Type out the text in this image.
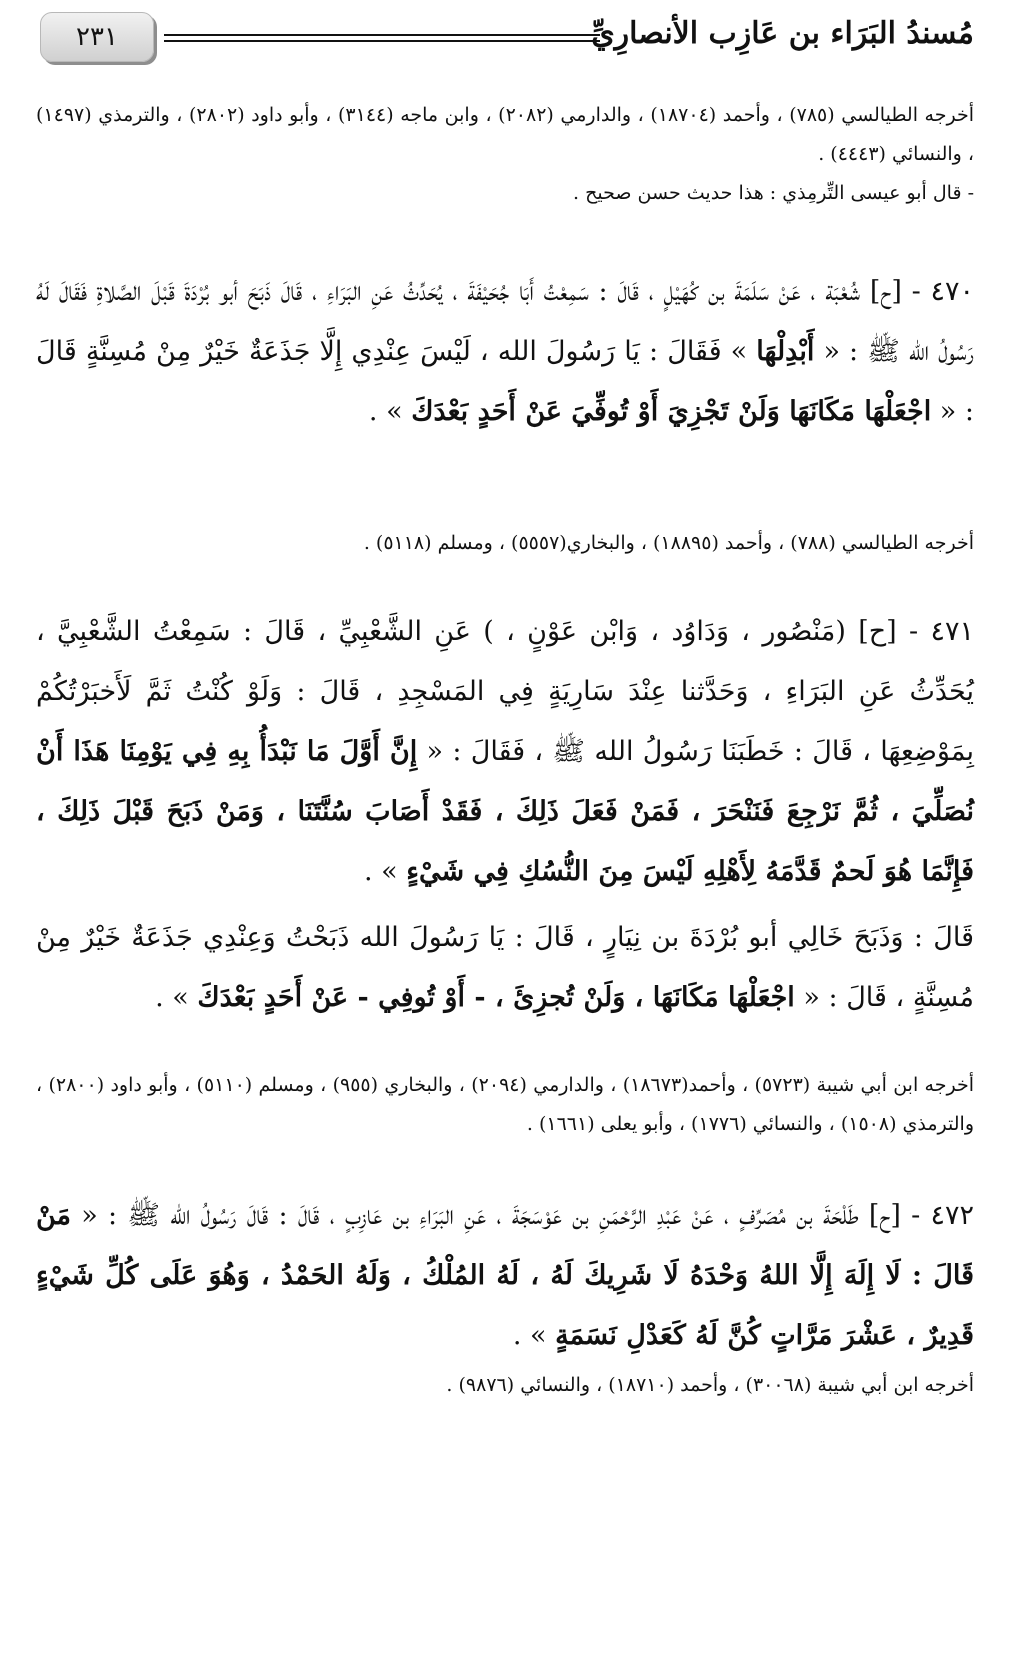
٢٣١	مُسندُ البَرَاء بن عَازِب الأنصارِيِّ

أخرجه الطيالسي (٧٨٥) ، وأحمد (١٨٧٠٤) ، والدارمي (٢٠٨٢) ، وابن ماجه (٣١٤٤) ، وأبو داود (٢٨٠٢) ، والترمذي (١٤٩٧) ، والنسائي (٤٤٤٣) .

- قال أبو عيسى التِّرمِذي : هذا حديث حسن صحيح .

٤٧٠ - [ح] شُعْبَة ، عَنْ سَلَمَةَ بن كُهَيْلٍ ، قَالَ : سَمِعْتُ أَبَا جُحَيْفَةَ ، يُحَدِّثُ عَنِ البَرَاءِ ، قَالَ ذَبَحَ أبو بُرْدَةَ قَبْلَ الصَّلاةِ فَقَالَ لَهُ رَسُولُ الله ﷺ : « أَبْدِلْهَا » فَقَالَ : يَا رَسُولَ الله ، لَيْسَ عِنْدِي إِلَّا جَذَعَةٌ خَيْرٌ مِنْ مُسِنَّةٍ قَالَ : « اجْعَلْهَا مَكَانَهَا وَلَنْ تَجْزِيَ أَوْ تُوفِّيَ عَنْ أَحَدٍ بَعْدَكَ » .

أخرجه الطيالسي (٧٨٨) ، وأحمد (١٨٨٩٥) ، والبخاري(٥٥٥٧) ، ومسلم (٥١١٨) .

٤٧١ - [ح] (مَنْصُور ، وَدَاوُد ، وَابْن عَوْنٍ ، ) عَنِ الشَّعْبِيِّ ، قَالَ : سَمِعْتُ الشَّعْبِيَّ ، يُحَدِّثُ عَنِ البَرَاءِ ، وَحَدَّثنا عِنْدَ سَارِيَةٍ فِي المَسْجِدِ ، قَالَ : وَلَوْ كُنْتُ ثَمَّ لَأَخبَرْتُكُمْ بِمَوْضِعِهَا ، قَالَ : خَطَبَنَا رَسُولُ الله ﷺ ، فَقَالَ : « إِنَّ أَوَّلَ مَا نَبْدَأُ بِهِ فِي يَوْمِنَا هَذَا أَنْ نُصَلِّيَ ، ثُمَّ نَرْجِعَ فَنَنْحَرَ ، فَمَنْ فَعَلَ ذَلِكَ ، فَقَدْ أَصَابَ سُنَّتَنَا ، وَمَنْ ذَبَحَ قَبْلَ ذَلِكَ ، فَإِنَّمَا هُوَ لَحمٌ قَدَّمَهُ لِأَهْلِهِ لَيْسَ مِنَ النُّسُكِ فِي شَيْءٍ » .

قَالَ : وَذَبَحَ خَالِي أبو بُرْدَةَ بن نِيَارٍ ، قَالَ : يَا رَسُولَ الله ذَبَحْتُ وَعِنْدِي جَذَعَةٌ خَيْرٌ مِنْ مُسِنَّةٍ ، قَالَ : « اجْعَلْهَا مَكَانَهَا ، وَلَنْ تُجزِئَ ، - أَوْ تُوفِي - عَنْ أَحَدٍ بَعْدَكَ » .

أخرجه ابن أبي شيبة (٥٧٢٣) ، وأحمد(١٨٦٧٣) ، والدارمي (٢٠٩٤) ، والبخاري (٩٥٥) ، ومسلم (٥١١٠) ، وأبو داود (٢٨٠٠) ، والترمذي (١٥٠٨) ، والنسائي (١٧٧٦) ، وأبو يعلى (١٦٦١) .

٤٧٢ - [ح] طَلْحَةَ بن مُصَرِّفٍ ، عَنْ عَبْدِ الرَّحْمَنِ بن عَوْسَجَةَ ، عَنِ البَرَاءِ بن عَازِبٍ ، قَالَ : قَالَ رَسُولُ الله ﷺ : « مَنْ قَالَ : لَا إِلَهَ إِلَّا اللهُ وَحْدَهُ لَا شَرِيكَ لَهُ ، لَهُ المُلْكُ ، وَلَهُ الحَمْدُ ، وَهُوَ عَلَى كُلِّ شَيْءٍ قَدِيرٌ ، عَشْرَ مَرَّاتٍ كُنَّ لَهُ كَعَدْلِ نَسَمَةٍ » .

أخرجه ابن أبي شيبة (٣٠٠٦٨) ، وأحمد (١٨٧١٠) ، والنسائي (٩٨٧٦) .
